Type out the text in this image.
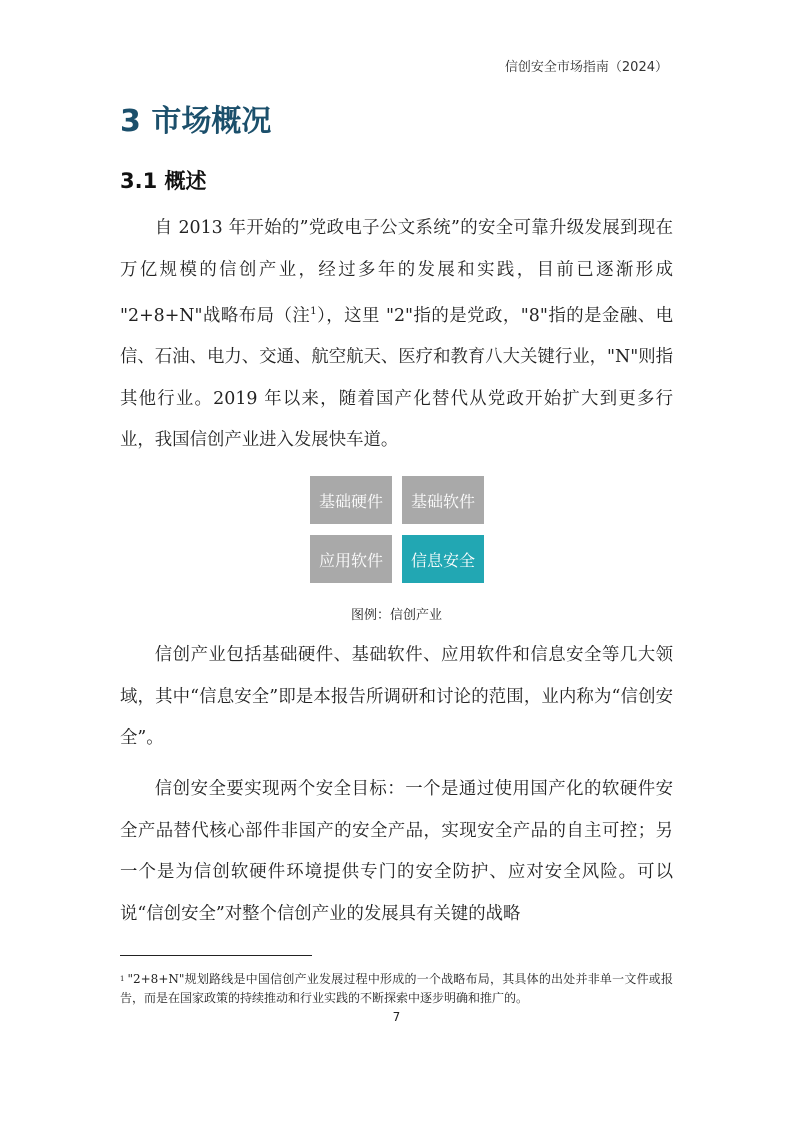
信创安全市场指南（2024）
3 市场概况
3.1 概述

自 2013 年开始的”党政电子公文系统”的安全可靠升级发展到现在万亿规模的信创产业，经过多年的发展和实践，目前已逐渐形成 "2+8+N"战略布局（注$^1$），这里 "2"指的是党政，"8"指的是金融、电信、石油、电力、交通、航空航天、医疗和教育八大关键行业，"N"则指其他行业。2019 年以来，随着国产化替代从党政开始扩大到更多行业，我国信创产业进入发展快车道。

基础硬件	基础软件
应用软件	信息安全
图例：信创产业

信创产业包括基础硬件、基础软件、应用软件和信息安全等几大领域，其中“信息安全”即是本报告所调研和讨论的范围，业内称为“信创安全”。

信创安全要实现两个安全目标：一个是通过使用国产化的软硬件安全产品替代核心部件非国产的安全产品，实现安全产品的自主可控；另一个是为信创软硬件环境提供专门的安全防护、应对安全风险。可以说“信创安全”对整个信创产业的发展具有关键的战略

$^1$ "2+8+N"规划路线是中国信创产业发展过程中形成的一个战略布局，其具体的出处并非单一文件或报告，而是在国家政策的持续推动和行业实践的不断探索中逐步明确和推广的。
7
